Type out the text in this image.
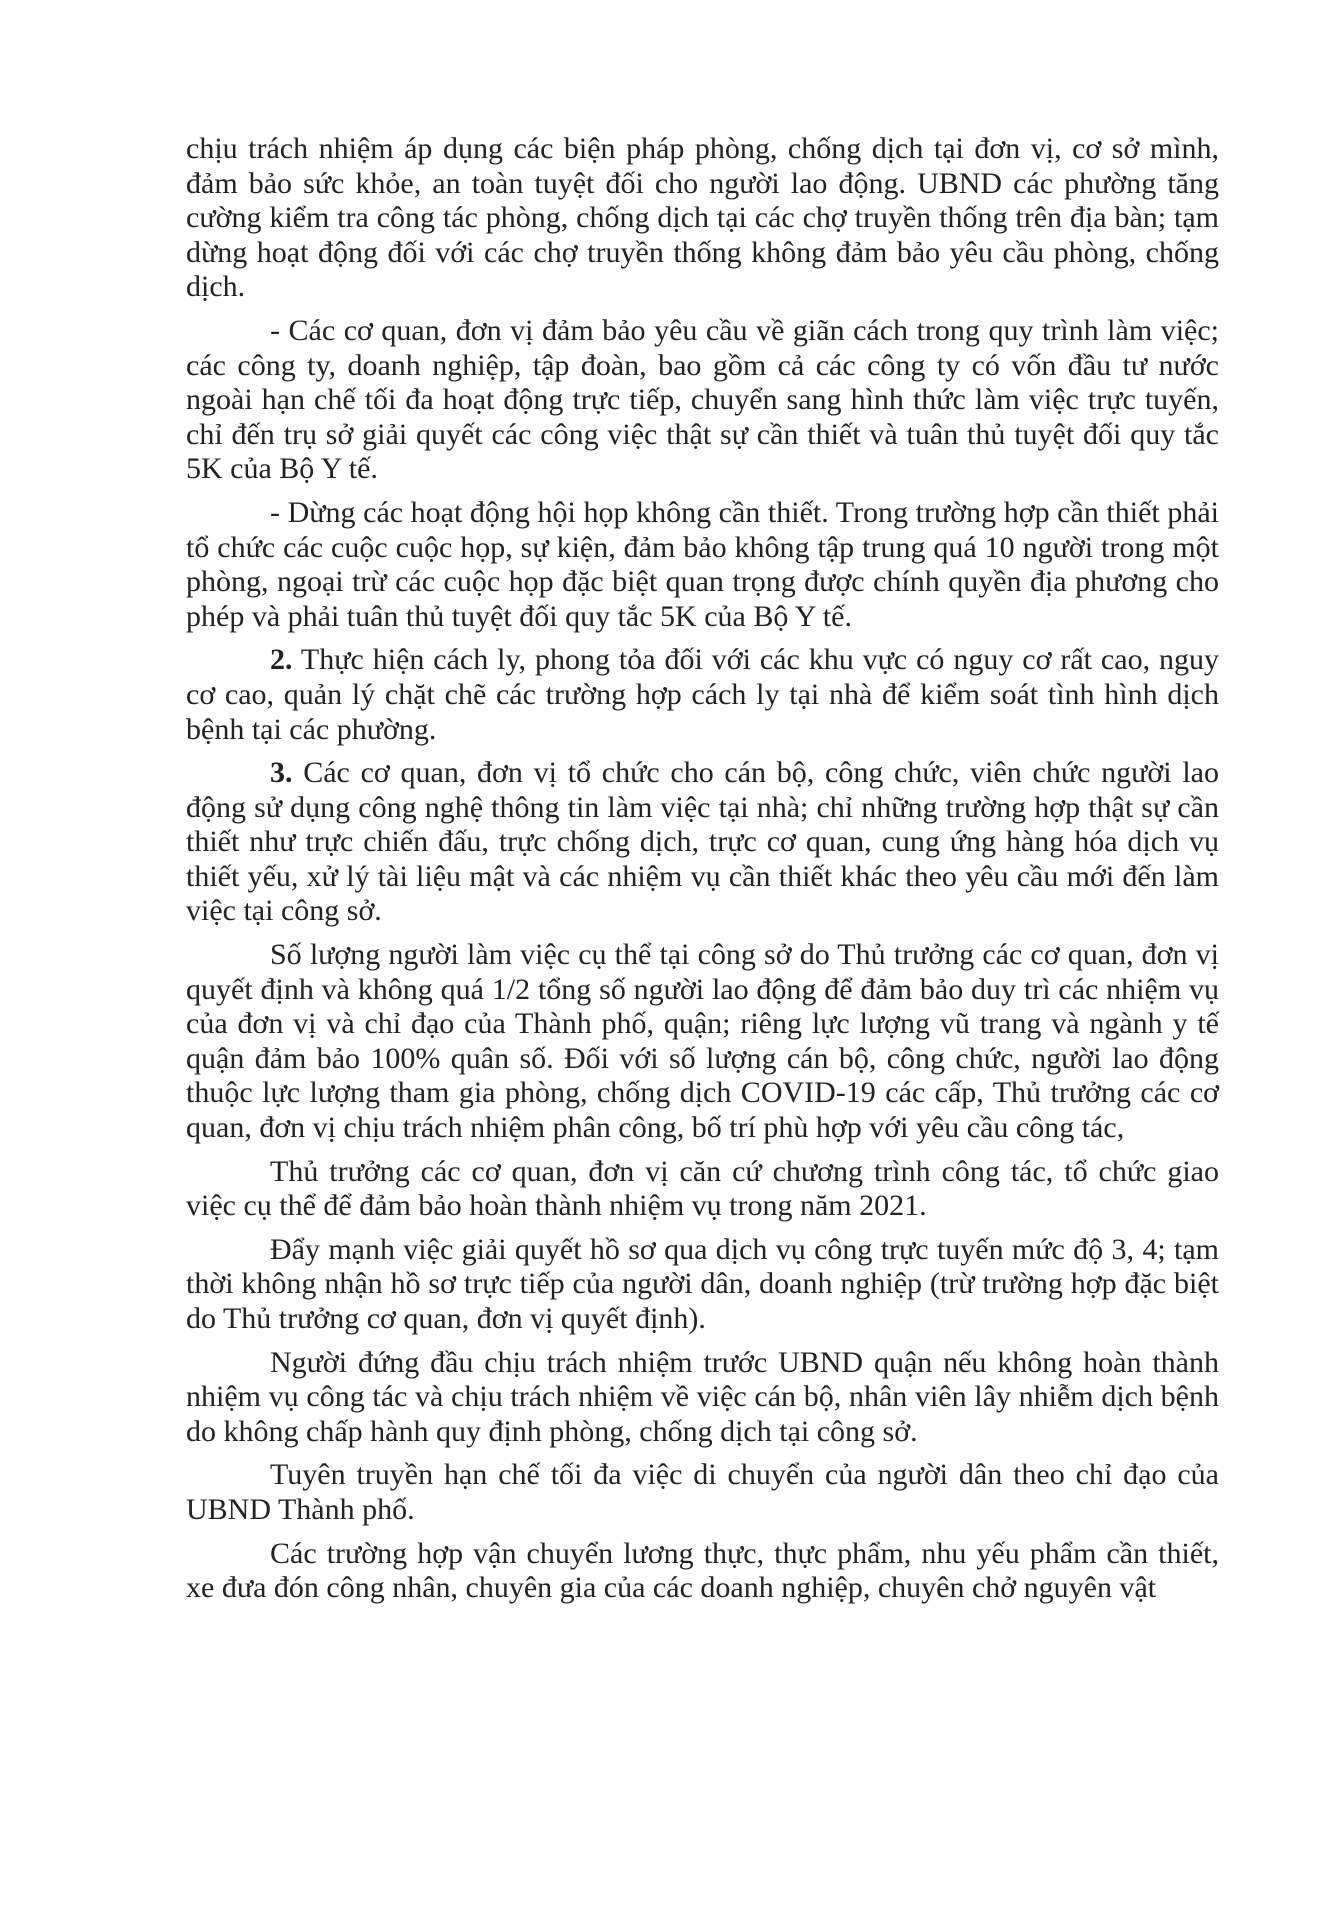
chịu trách nhiệm áp dụng các biện pháp phòng, chống dịch tại đơn vị, cơ sở mình, đảm bảo sức khỏe, an toàn tuyệt đối cho người lao động. UBND các phường tăng cường kiểm tra công tác phòng, chống dịch tại các chợ truyền thống trên địa bàn; tạm dừng hoạt động đối với các chợ truyền thống không đảm bảo yêu cầu phòng, chống dịch.

- Các cơ quan, đơn vị đảm bảo yêu cầu về giãn cách trong quy trình làm việc; các công ty, doanh nghiệp, tập đoàn, bao gồm cả các công ty có vốn đầu tư nước ngoài hạn chế tối đa hoạt động trực tiếp, chuyển sang hình thức làm việc trực tuyến, chỉ đến trụ sở giải quyết các công việc thật sự cần thiết và tuân thủ tuyệt đối quy tắc 5K của Bộ Y tế.

- Dừng các hoạt động hội họp không cần thiết. Trong trường hợp cần thiết phải tổ chức các cuộc cuộc họp, sự kiện, đảm bảo không tập trung quá 10 người trong một phòng, ngoại trừ các cuộc họp đặc biệt quan trọng được chính quyền địa phương cho phép và phải tuân thủ tuyệt đối quy tắc 5K của Bộ Y tế.

2. Thực hiện cách ly, phong tỏa đối với các khu vực có nguy cơ rất cao, nguy cơ cao, quản lý chặt chẽ các trường hợp cách ly tại nhà để kiểm soát tình hình dịch bệnh tại các phường.

3. Các cơ quan, đơn vị tổ chức cho cán bộ, công chức, viên chức người lao động sử dụng công nghệ thông tin làm việc tại nhà; chỉ những trường hợp thật sự cần thiết như trực chiến đấu, trực chống dịch, trực cơ quan, cung ứng hàng hóa dịch vụ thiết yếu, xử lý tài liệu mật và các nhiệm vụ cần thiết khác theo yêu cầu mới đến làm việc tại công sở.

Số lượng người làm việc cụ thể tại công sở do Thủ trưởng các cơ quan, đơn vị quyết định và không quá 1/2 tổng số người lao động để đảm bảo duy trì các nhiệm vụ của đơn vị và chỉ đạo của Thành phố, quận; riêng lực lượng vũ trang và ngành y tế quận đảm bảo 100% quân số. Đối với số lượng cán bộ, công chức, người lao động thuộc lực lượng tham gia phòng, chống dịch COVID-19 các cấp, Thủ trưởng các cơ quan, đơn vị chịu trách nhiệm phân công, bố trí phù hợp với yêu cầu công tác,

Thủ trưởng các cơ quan, đơn vị căn cứ chương trình công tác, tổ chức giao việc cụ thể để đảm bảo hoàn thành nhiệm vụ trong năm 2021.

Đẩy mạnh việc giải quyết hồ sơ qua dịch vụ công trực tuyến mức độ 3, 4; tạm thời không nhận hồ sơ trực tiếp của người dân, doanh nghiệp (trừ trường hợp đặc biệt do Thủ trưởng cơ quan, đơn vị quyết định).

Người đứng đầu chịu trách nhiệm trước UBND quận nếu không hoàn thành nhiệm vụ công tác và chịu trách nhiệm về việc cán bộ, nhân viên lây nhiễm dịch bệnh do không chấp hành quy định phòng, chống dịch tại công sở.

Tuyên truyền hạn chế tối đa việc di chuyển của người dân theo chỉ đạo của UBND Thành phố.

Các trường hợp vận chuyển lương thực, thực phẩm, nhu yếu phẩm cần thiết, xe đưa đón công nhân, chuyên gia của các doanh nghiệp, chuyên chở nguyên vật
